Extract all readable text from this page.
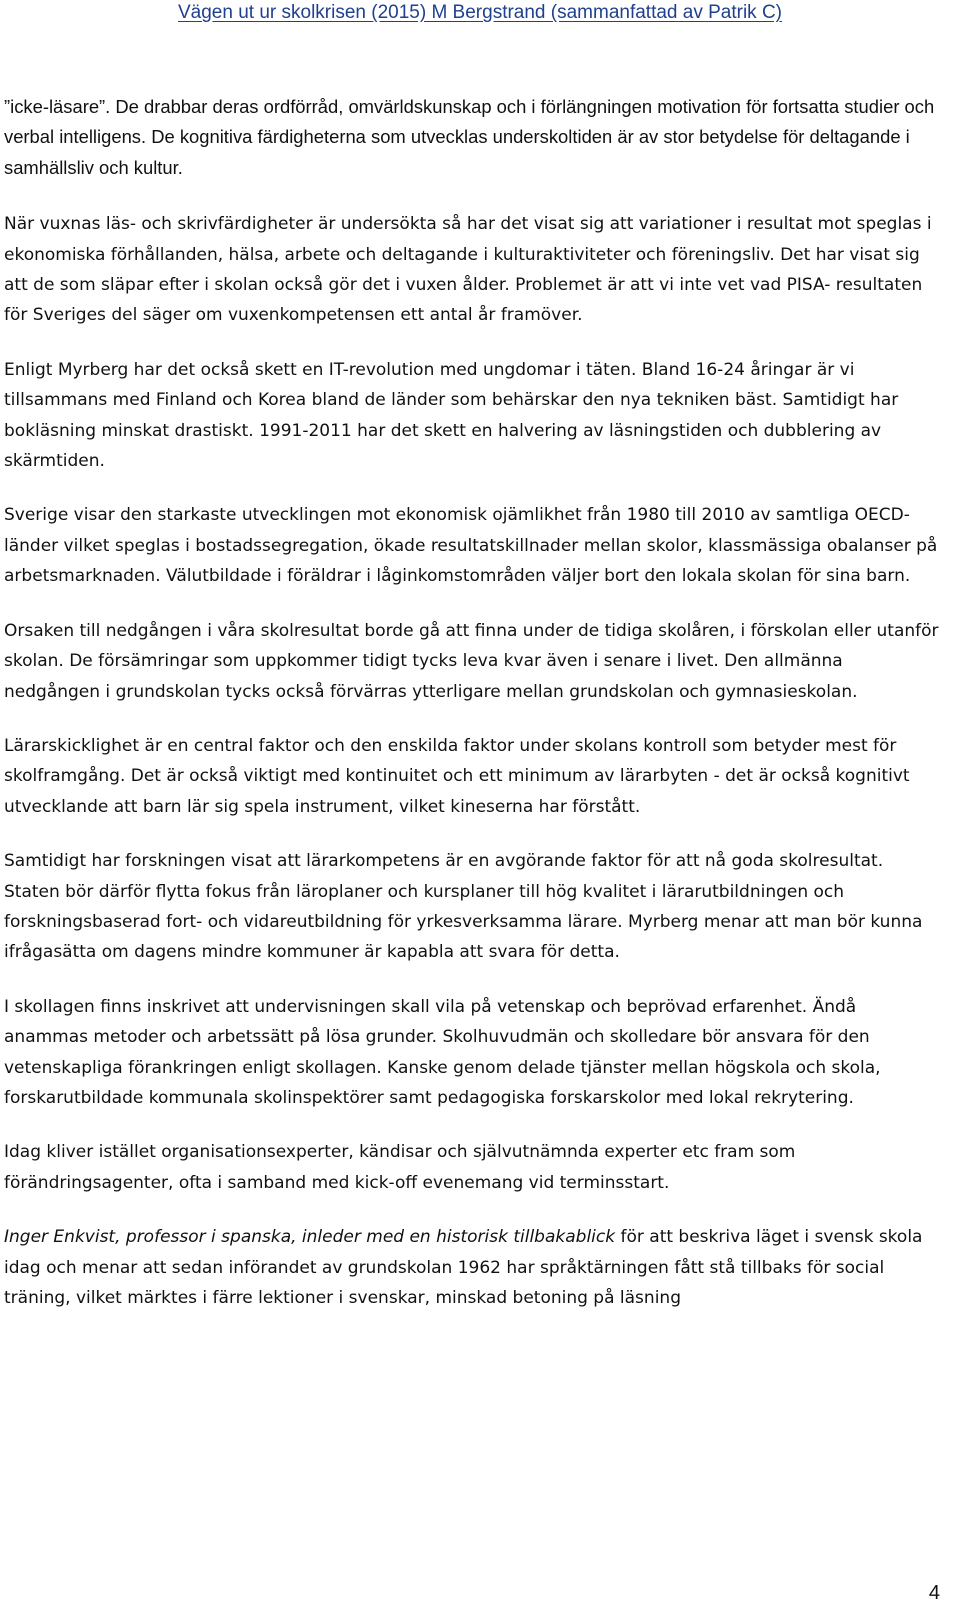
Vägen ut ur skolkrisen (2015) M Bergstrand (sammanfattad av Patrik C)

”icke-läsare”. De drabbar deras ordförråd, omvärldskunskap och i förlängningen motivation för fortsatta studier och verbal intelligens. De kognitiva färdigheterna som utvecklas underskoltiden är av stor betydelse för deltagande i samhällsliv och kultur.

När vuxnas läs- och skrivfärdigheter är undersökta så har det visat sig att variationer i resultat mot speglas i ekonomiska förhållanden, hälsa, arbete och deltagande i kulturaktiviteter och föreningsliv. Det har visat sig att de som släpar efter i skolan också gör det i vuxen ålder. Problemet är att vi inte vet vad PISA- resultaten för Sveriges del säger om vuxenkompetensen ett antal år framöver.

Enligt Myrberg har det också skett en IT-revolution med ungdomar i täten. Bland 16-24 åringar är vi tillsammans med Finland och Korea bland de länder som behärskar den nya tekniken bäst. Samtidigt har bokläsning minskat drastiskt. 1991-2011 har det skett en halvering av läsningstiden och dubblering av skärmtiden.

Sverige visar den starkaste utvecklingen mot ekonomisk ojämlikhet från 1980 till 2010 av samtliga OECD-länder vilket speglas i bostadssegregation, ökade resultatskillnader mellan skolor, klassmässiga obalanser på arbetsmarknaden. Välutbildade i föräldrar i låginkomstområden väljer bort den lokala skolan för sina barn.

Orsaken till nedgången i våra skolresultat borde gå att finna under de tidiga skolåren, i förskolan eller utanför skolan. De försämringar som uppkommer tidigt tycks leva kvar även i senare i livet. Den allmänna nedgången i grundskolan tycks också förvärras ytterligare mellan grundskolan och gymnasieskolan.

Lärarskicklighet är en central faktor och den enskilda faktor under skolans kontroll som betyder mest för skolframgång. Det är också viktigt med kontinuitet och ett minimum av lärarbyten - det är också kognitivt utvecklande att barn lär sig spela instrument, vilket kineserna har förstått.

Samtidigt har forskningen visat att lärarkompetens är en avgörande faktor för att nå goda skolresultat. Staten bör därför flytta fokus från läroplaner och kursplaner till hög kvalitet i lärarutbildningen och forskningsbaserad fort- och vidareutbildning för yrkesverksamma lärare. Myrberg menar att man bör kunna ifrågasätta om dagens mindre kommuner är kapabla att svara för detta.

I skollagen finns inskrivet att undervisningen skall vila på vetenskap och beprövad erfarenhet. Ändå anammas metoder och arbetssätt på lösa grunder. Skolhuvudmän och skolledare bör ansvara för den vetenskapliga förankringen enligt skollagen. Kanske genom delade tjänster mellan högskola och skola, forskarutbildade kommunala skolinspektörer samt pedagogiska forskarskolor med lokal rekrytering.

Idag kliver istället organisationsexperter, kändisar och självutnämnda experter etc fram som förändringsagenter, ofta i samband med kick-off evenemang vid terminsstart.

Inger Enkvist, professor i spanska, inleder med en historisk tillbakablick för att beskriva läget i svensk skola idag och menar att sedan införandet av grundskolan 1962 har språktärningen fått stå tillbaks för social träning, vilket märktes i färre lektioner i svenskar, minskad betoning på läsning

4
